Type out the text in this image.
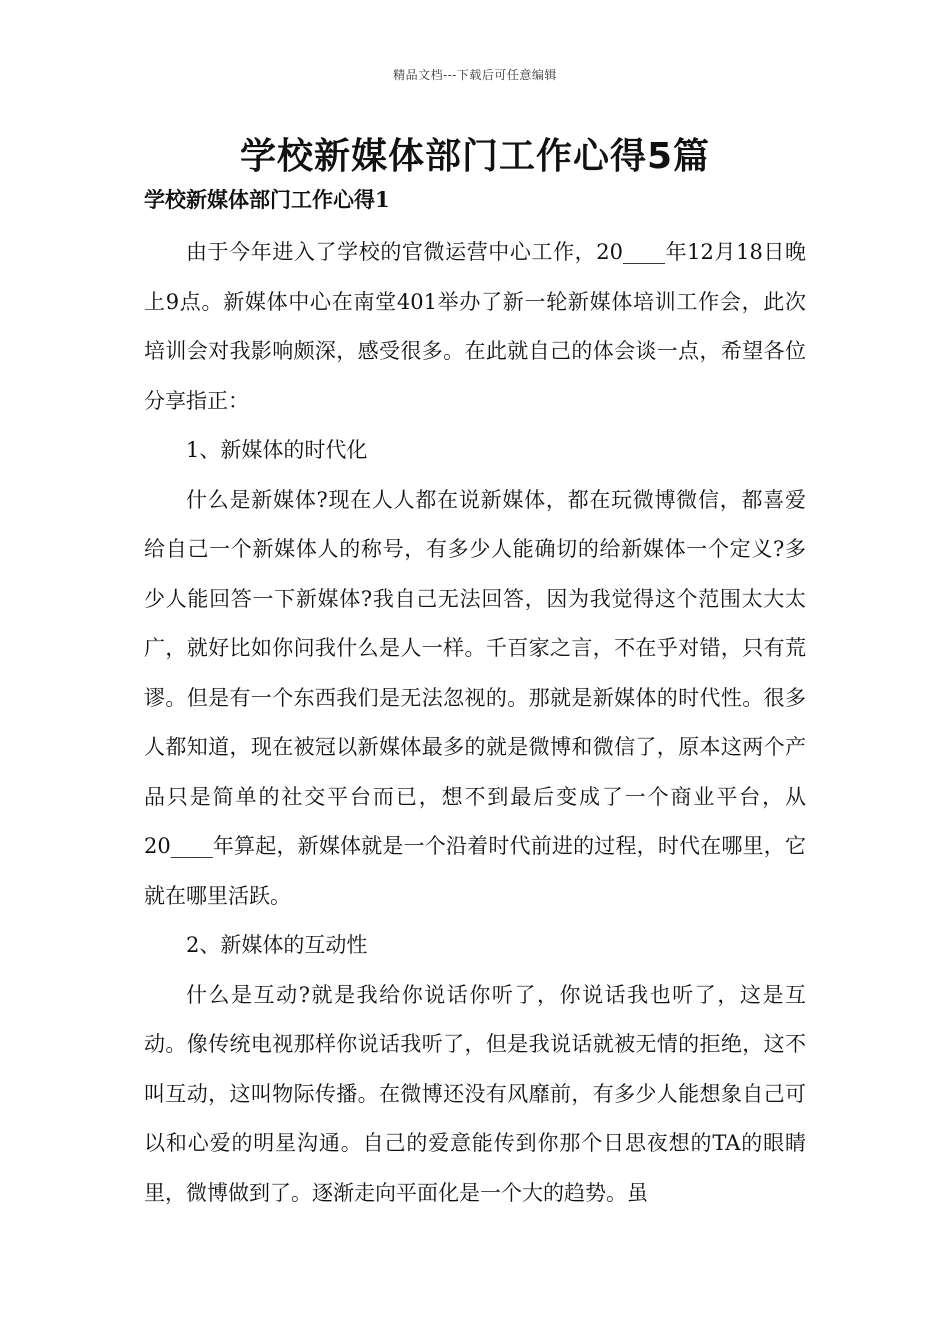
精品文档---下载后可任意编辑
学校新媒体部门工作心得5篇
学校新媒体部门工作心得1

由于今年进入了学校的官微运营中心工作，20____年12月18日晚上9点。新媒体中心在南堂401举办了新一轮新媒体培训工作会，此次培训会对我影响颇深，感受很多。在此就自己的体会谈一点，希望各位分享指正：

1、新媒体的时代化

什么是新媒体?现在人人都在说新媒体，都在玩微博微信，都喜爱给自己一个新媒体人的称号，有多少人能确切的给新媒体一个定义?多少人能回答一下新媒体?我自己无法回答，因为我觉得这个范围太大太广，就好比如你问我什么是人一样。千百家之言，不在乎对错，只有荒谬。但是有一个东西我们是无法忽视的。那就是新媒体的时代性。很多人都知道，现在被冠以新媒体最多的就是微博和微信了，原本这两个产品只是简单的社交平台而已，想不到最后变成了一个商业平台，从20____年算起，新媒体就是一个沿着时代前进的过程，时代在哪里，它就在哪里活跃。

2、新媒体的互动性

什么是互动?就是我给你说话你听了，你说话我也听了，这是互动。像传统电视那样你说话我听了，但是我说话就被无情的拒绝，这不叫互动，这叫物际传播。在微博还没有风靡前，有多少人能想象自己可以和心爱的明星沟通。自己的爱意能传到你那个日思夜想的TA的眼睛里，微博做到了。逐渐走向平面化是一个大的趋势。虽
